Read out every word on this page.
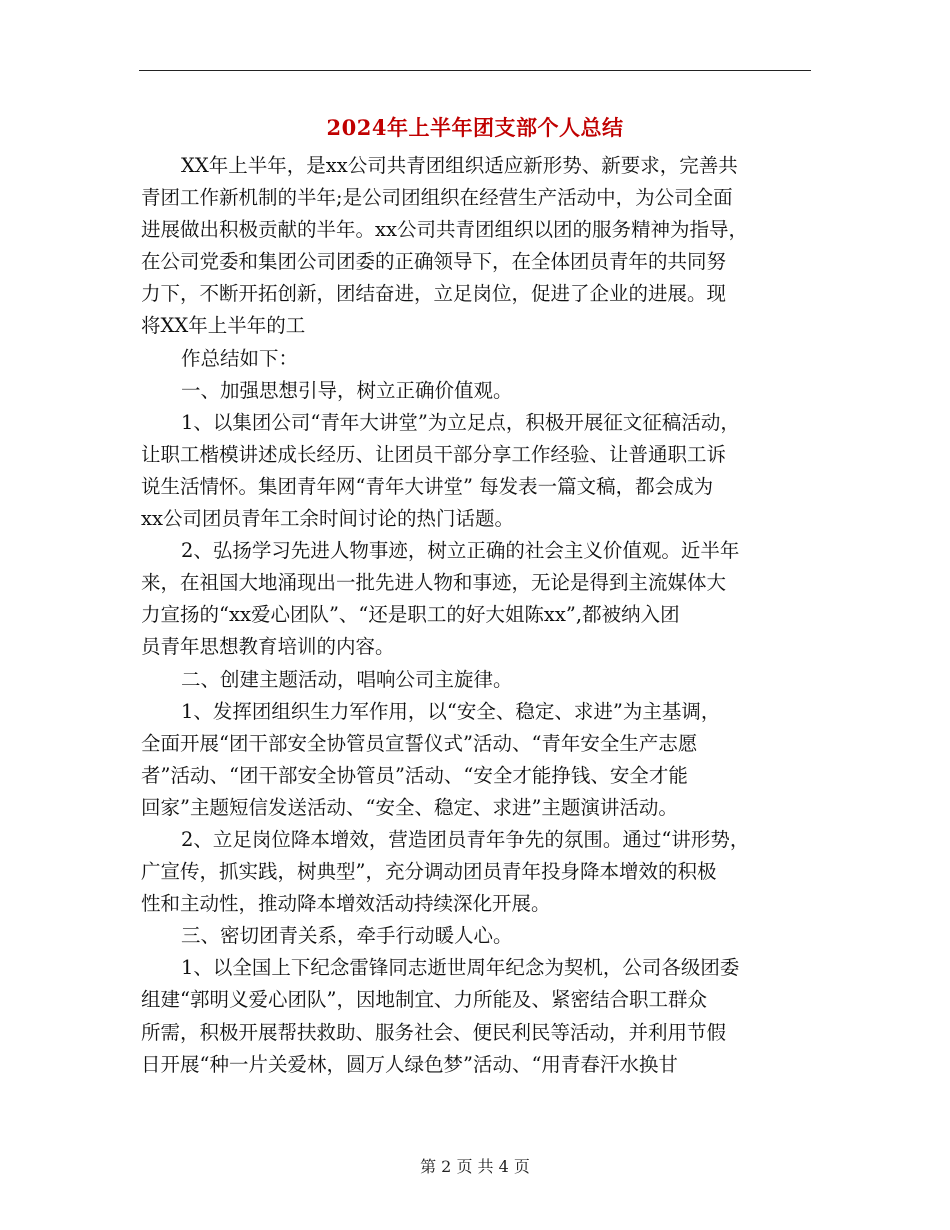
2024年上半年团支部个人总结
XX年上半年，是xx公司共青团组织适应新形势、新要求，完善共
青团工作新机制的半年;是公司团组织在经营生产活动中，为公司全面
进展做出积极贡献的半年。xx公司共青团组织以团的服务精神为指导，
在公司党委和集团公司团委的正确领导下，在全体团员青年的共同努
力下，不断开拓创新，团结奋进，立足岗位，促进了企业的进展。现
将XX年上半年的工
作总结如下：
一、加强思想引导，树立正确价值观。
1、以集团公司“青年大讲堂”为立足点，积极开展征文征稿活动，
让职工楷模讲述成长经历、让团员干部分享工作经验、让普通职工诉
说生活情怀。集团青年网“青年大讲堂” 每发表一篇文稿，都会成为
xx公司团员青年工余时间讨论的热门话题。
2、弘扬学习先进人物事迹，树立正确的社会主义价值观。近半年
来，在祖国大地涌现出一批先进人物和事迹，无论是得到主流媒体大
力宣扬的“xx爱心团队”、“还是职工的好大姐陈xx”,都被纳入团
员青年思想教育培训的内容。
二、创建主题活动，唱响公司主旋律。
1、发挥团组织生力军作用，以“安全、稳定、求进”为主基调，
全面开展“团干部安全协管员宣誓仪式”活动、“青年安全生产志愿
者”活动、“团干部安全协管员”活动、“安全才能挣钱、安全才能
回家”主题短信发送活动、“安全、稳定、求进”主题演讲活动。
2、立足岗位降本增效，营造团员青年争先的氛围。通过“讲形势，
广宣传，抓实践，树典型”，充分调动团员青年投身降本增效的积极
性和主动性，推动降本增效活动持续深化开展。
三、密切团青关系，牵手行动暖人心。
1、以全国上下纪念雷锋同志逝世周年纪念为契机，公司各级团委
组建“郭明义爱心团队”，因地制宜、力所能及、紧密结合职工群众
所需，积极开展帮扶救助、服务社会、便民利民等活动，并利用节假
日开展“种一片关爱林，圆万人绿色梦”活动、“用青春汗水换甘
第 2 页 共 4 页
